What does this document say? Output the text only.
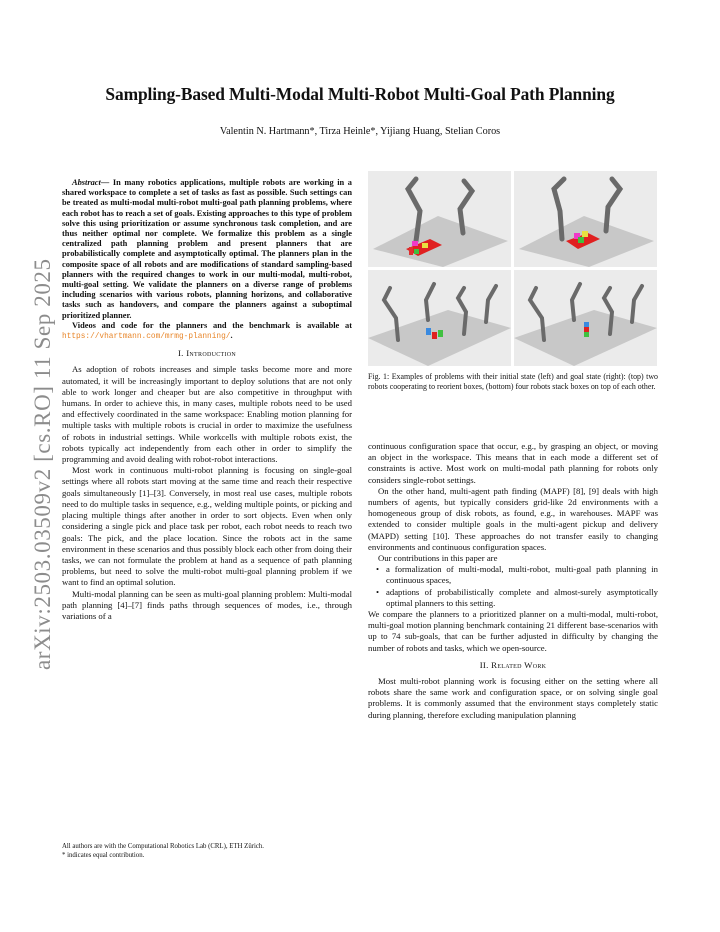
Sampling-Based Multi-Modal Multi-Robot Multi-Goal Path Planning
Valentin N. Hartmann*, Tirza Heinle*, Yijiang Huang, Stelian Coros
arXiv:2503.03509v2 [cs.RO] 11 Sep 2025

Abstract— In many robotics applications, multiple robots are working in a shared workspace to complete a set of tasks as fast as possible. Such settings can be treated as multi-modal multi-robot multi-goal path planning problems, where each robot has to reach a set of goals. Existing approaches to this type of problem solve this using prioritization or assume synchronous task completion, and are thus neither optimal nor complete. We formalize this problem as a single centralized path planning problem and present planners that are probabilistically complete and asymptotically optimal. The planners plan in the composite space of all robots and are modifications of standard sampling-based planners with the required changes to work in our multi-modal, multi-robot, multi-goal setting. We validate the planners on a diverse range of problems including scenarios with various robots, planning horizons, and collaborative tasks such as handovers, and compare the planners against a suboptimal prioritized planner.

Videos and code for the planners and the benchmark is available at https://vhartmann.com/mrmg-planning/.

I. Introduction

As adoption of robots increases and simple tasks become more and more automated, it will be increasingly important to deploy solutions that are not only able to work longer and cheaper but are also competitive in throughput with humans. In order to achieve this, in many cases, multiple robots need to be used and effectively coordinated in the same workspace: Enabling motion planning for multiple tasks with multiple robots is crucial in order to maximize the usefulness of robots in industrial settings. While workcells with multiple robots exist, the robots typically act independently from each other in order to simplify the programming and avoid dealing with robot-robot interactions.

Most work in continuous multi-robot planning is focusing on single-goal settings where all robots start moving at the same time and reach their respective goals simultaneously [1]–[3]. Conversely, in most real use cases, multiple robots need to do multiple tasks in sequence, e.g., welding multiple points, or picking and placing multiple things after another in order to sort objects. Even when only considering a single pick and place task per robot, each robot needs to reach two goals: The pick, and the place location. Since the robots act in the same environment in these scenarios and thus possibly block each other from doing their tasks, we can not formulate the problem at hand as a sequence of path planning problems, but need to solve the multi-robot multi-goal planning problem if we want to find an optimal solution.

Multi-modal planning can be seen as multi-goal planning problem: Multi-modal path planning [4]–[7] finds paths through sequences of modes, i.e., through variations of a

All authors are with the Computational Robotics Lab (CRL), ETH Zürich.
* indicates equal contribution.
Fig. 1: Examples of problems with their initial state (left) and goal state (right): (top) two robots cooperating to reorient boxes, (bottom) four robots stack boxes on top of each other.

continuous configuration space that occur, e.g., by grasping an object, or moving an object in the workspace. This means that in each mode a different set of constraints is active. Most work on multi-modal path planning for robots only considers single-robot settings.

On the other hand, multi-agent path finding (MAPF) [8], [9] deals with high numbers of agents, but typically considers grid-like 2d environments with a homogeneous group of disk robots, as found, e.g., in warehouses. MAPF was extended to consider multiple goals in the multi-agent pickup and delivery (MAPD) setting [10]. These approaches do not transfer easily to changing environments and continuous configuration spaces.

Our contributions in this paper are

• a formalization of multi-modal, multi-robot, multi-goal path planning in continuous spaces,
• adaptions of probabilistically complete and almost-surely asymptotically optimal planners to this setting.

We compare the planners to a prioritized planner on a multi-modal, multi-robot, multi-goal motion planning benchmark containing 21 different base-scenarios with up to 74 sub-goals, that can be further adjusted in difficulty by changing the number of robots and tasks, which we open-source.

II. Related Work

Most multi-robot planning work is focusing either on the setting where all robots share the same work and configuration space, or on solving single goal problems. It is commonly assumed that the environment stays completely static during planning, therefore excluding manipulation planning
